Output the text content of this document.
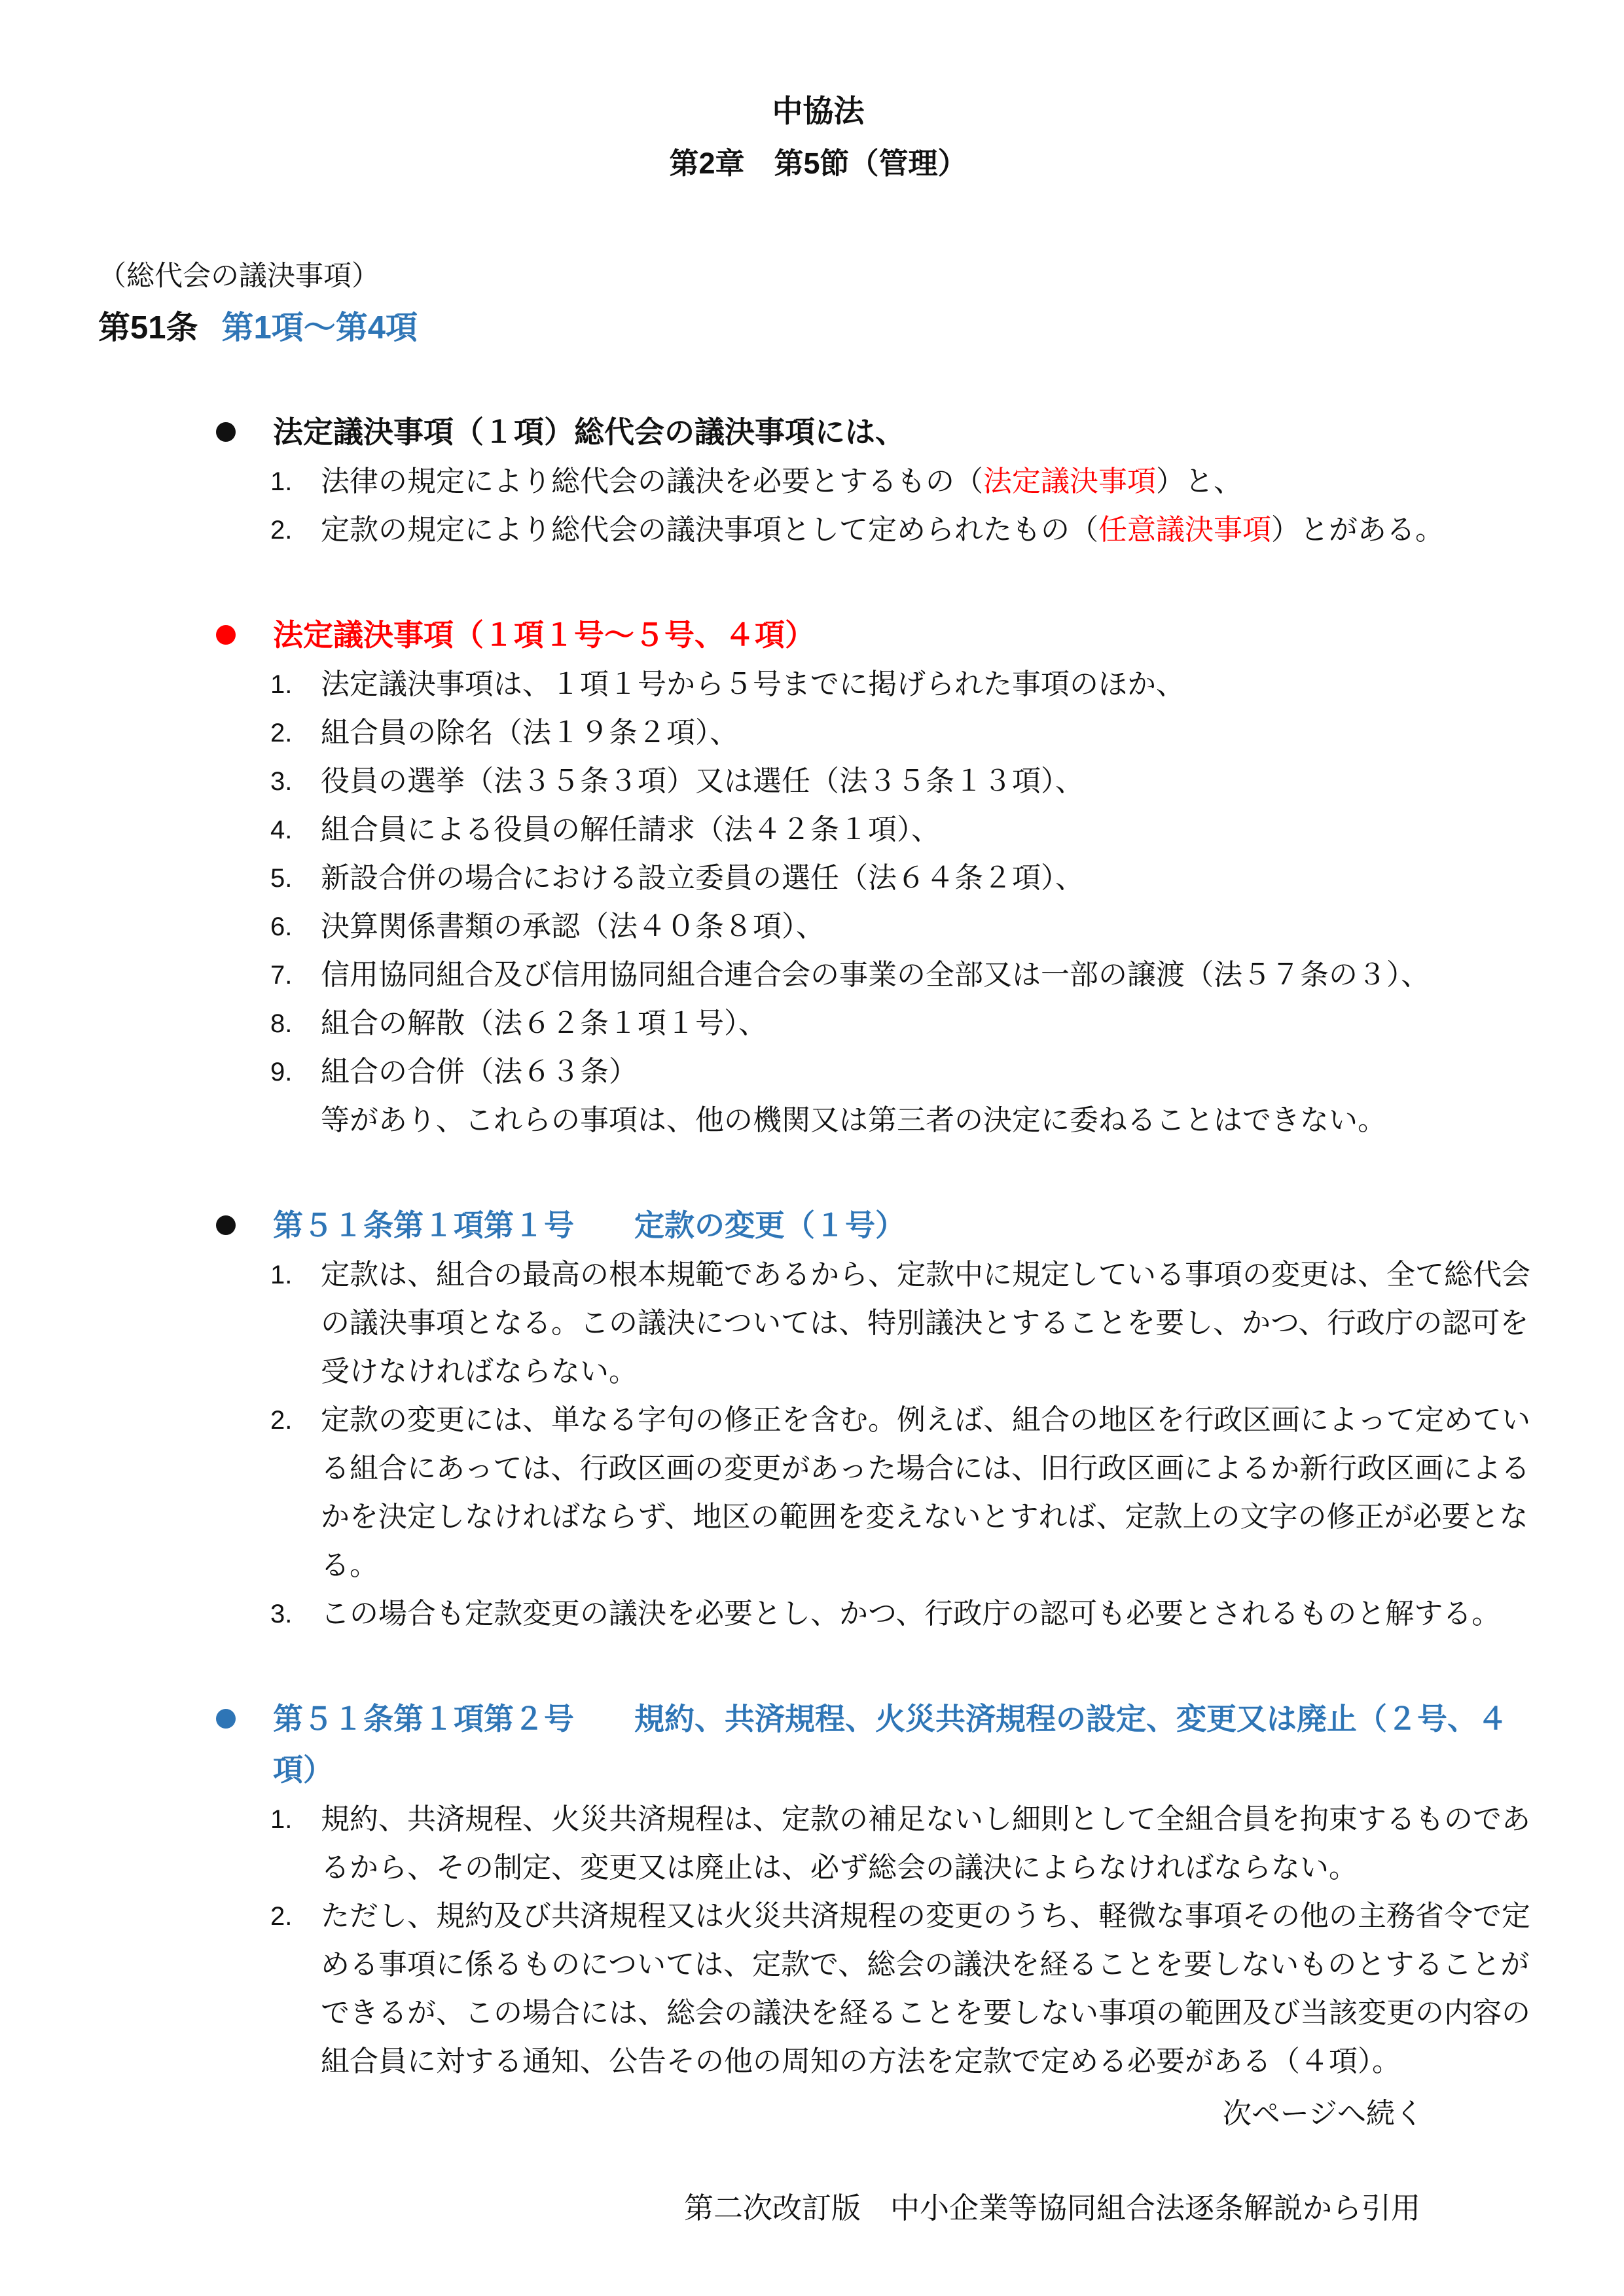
中協法
第2章　第5節（管理）
（総代会の議決事項）
第51条 第1項～第4項
法定議決事項（１項）総代会の議決事項には、
1. 法律の規定により総代会の議決を必要とするもの（法定議決事項）と、
2. 定款の規定により総代会の議決事項として定められたもの（任意議決事項）とがある。
法定議決事項（１項１号～５号、４項）
1. 法定議決事項は、１項１号から５号までに掲げられた事項のほか、
2. 組合員の除名（法１９条２項）、
3. 役員の選挙（法３５条３項）又は選任（法３５条１３項）、
4. 組合員による役員の解任請求（法４２条１項）、
5. 新設合併の場合における設立委員の選任（法６４条２項）、
6. 決算関係書類の承認（法４０条８項）、
7. 信用協同組合及び信用協同組合連合会の事業の全部又は一部の譲渡（法５７条の３）、
8. 組合の解散（法６２条１項１号）、
9. 組合の合併（法６３条）
等があり、これらの事項は、他の機関又は第三者の決定に委ねることはできない。
第５１条第１項第１号　　定款の変更（１号）
1. 定款は、組合の最高の根本規範であるから、定款中に規定している事項の変更は、全て総代会の議決事項となる。この議決については、特別議決とすることを要し、かつ、行政庁の認可を受けなければならない。
2. 定款の変更には、単なる字句の修正を含む。例えば、組合の地区を行政区画によって定めている組合にあっては、行政区画の変更があった場合には、旧行政区画によるか新行政区画によるかを決定しなければならず、地区の範囲を変えないとすれば、定款上の文字の修正が必要となる。
3. この場合も定款変更の議決を必要とし、かつ、行政庁の認可も必要とされるものと解する。
第５１条第１項第２号　　規約、共済規程、火災共済規程の設定、変更又は廃止（２号、４項）
1. 規約、共済規程、火災共済規程は、定款の補足ないし細則として全組合員を拘束するものであるから、その制定、変更又は廃止は、必ず総会の議決によらなければならない。
2. ただし、規約及び共済規程又は火災共済規程の変更のうち、軽微な事項その他の主務省令で定める事項に係るものについては、定款で、総会の議決を経ることを要しないものとすることができるが、この場合には、総会の議決を経ることを要しない事項の範囲及び当該変更の内容の組合員に対する通知、公告その他の周知の方法を定款で定める必要がある（４項）。
次ページへ続く
第二次改訂版　中小企業等協同組合法逐条解説から引用
